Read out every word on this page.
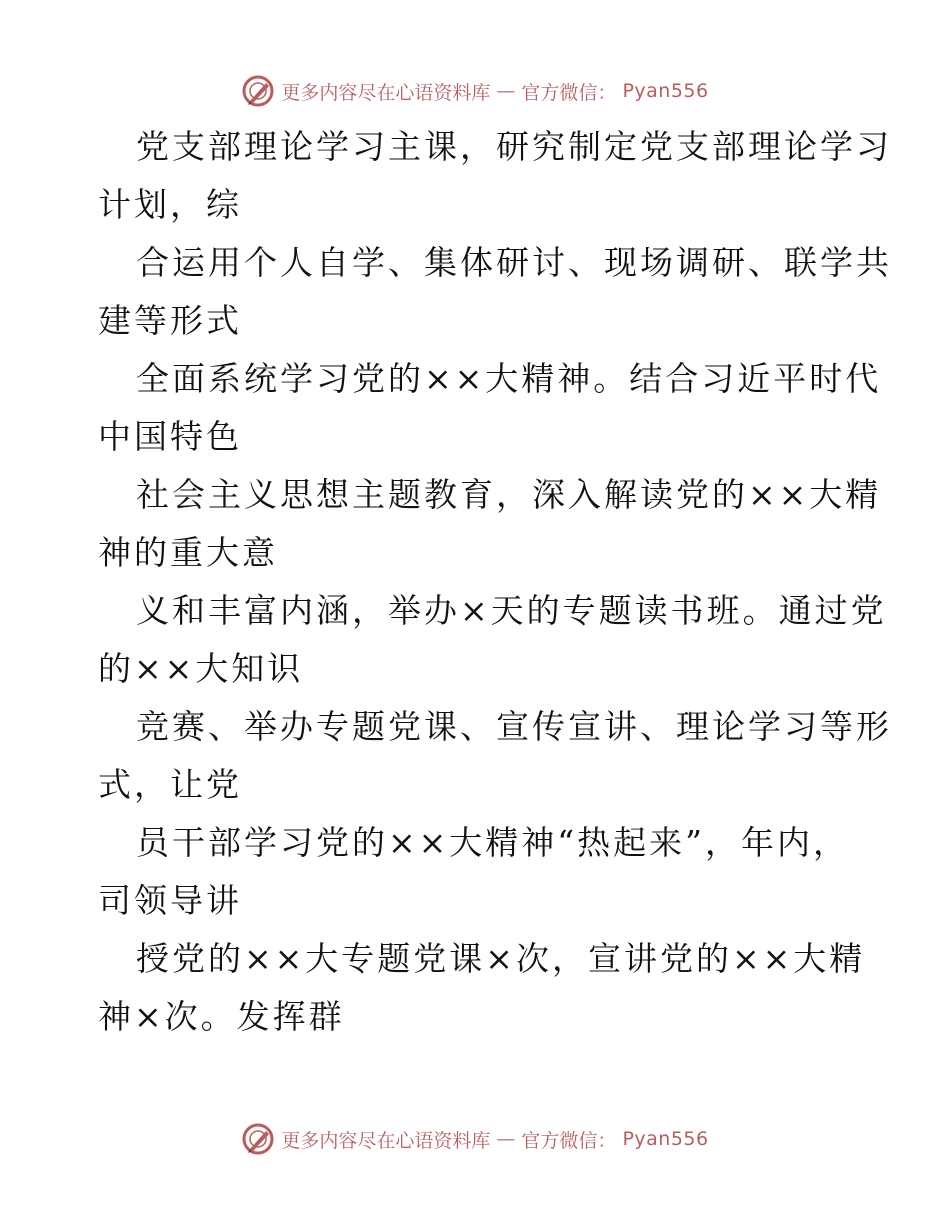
更多内容尽在心语资料库 — 官方微信： Pyan556
党支部理论学习主课，研究制定党支部理论学习
计划，综
合运用个人自学、集体研讨、现场调研、联学共
建等形式
全面系统学习党的××大精神。结合习近平时代
中国特色
社会主义思想主题教育，深入解读党的××大精
神的重大意
义和丰富内涵，举办×天的专题读书班。通过党
的××大知识
竞赛、举办专题党课、宣传宣讲、理论学习等形
式，让党
员干部学习党的××大精神“热起来”，年内，
司领导讲
授党的××大专题党课×次，宣讲党的××大精
神×次。发挥群
更多内容尽在心语资料库 — 官方微信： Pyan556
